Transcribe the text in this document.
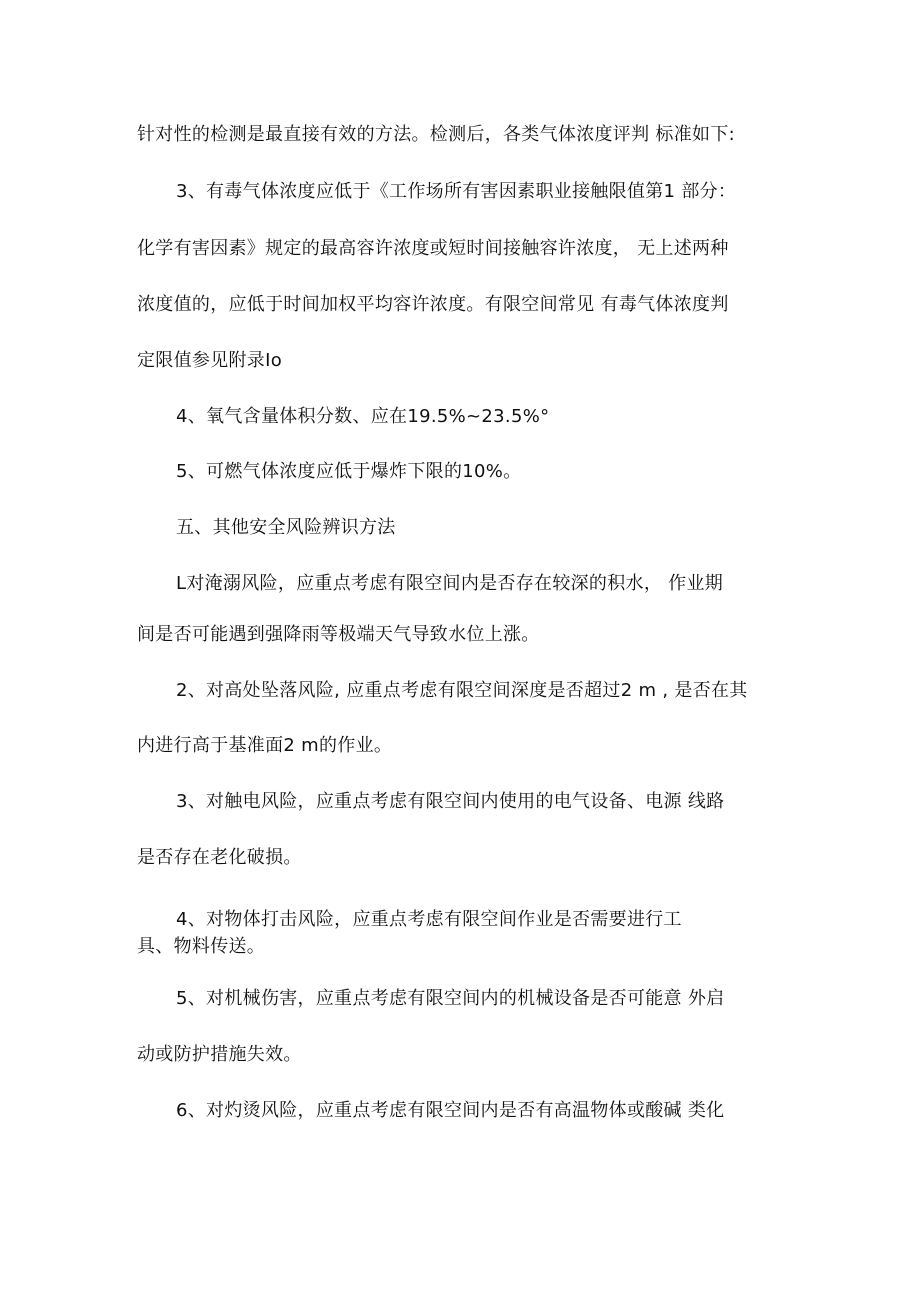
针对性的检测是最直接有效的方法。检测后，各类气体浓度评判 标准如下:
3、有毒气体浓度应低于《工作场所有害因素职业接触限值第1 部分：
化学有害因素》规定的最高容许浓度或短时间接触容许浓度， 无上述两种
浓度值的，应低于时间加权平均容许浓度。有限空间常见 有毒气体浓度判
定限值参见附录Io
4、氧气含量体积分数、应在19.5%~23.5%°
5、可燃气体浓度应低于爆炸下限的10%。
五、其他安全风险辨识方法
L对淹溺风险，应重点考虑有限空间内是否存在较深的积水， 作业期
间是否可能遇到强降雨等极端天气导致水位上涨。
2、对高处坠落风险, 应重点考虑有限空间深度是否超过2 m , 是否在其
内进行高于基准面2 m的作业。
3、对触电风险，应重点考虑有限空间内使用的电气设备、电源 线路
是否存在老化破损。
4、对物体打击风险，应重点考虑有限空间作业是否需要进行工
具、物料传送。
5、对机械伤害，应重点考虑有限空间内的机械设备是否可能意 外启
动或防护措施失效。
6、对灼烫风险，应重点考虑有限空间内是否有高温物体或酸碱 类化
